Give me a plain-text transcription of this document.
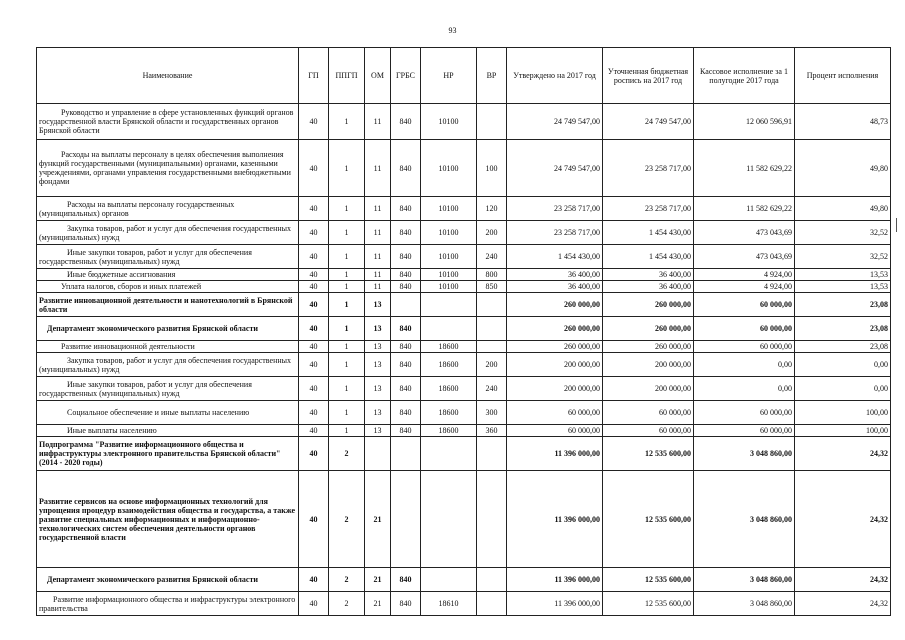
93
Наименование	ГП	ППГП	ОМ	ГРБС	НР	ВР	Утверждено на 2017 год	Уточненная бюджетная роспись на 2017 год	Кассовое исполнение за 1 полугодие 2017 года	Процент исполнения
Руководство и управление в сфере установленных функций органов государственной власти Брянской области и государственных органов Брянской области	40	1	11	840	10100		24 749 547,00	24 749 547,00	12 060 596,91	48,73
Расходы на выплаты персоналу в целях обеспечения выполнения функций государственными (муниципальными) органами, казенными учреждениями, органами управления государственными внебюджетными фондами	40	1	11	840	10100	100	24 749 547,00	23 258 717,00	11 582 629,22	49,80
Расходы на выплаты персоналу государственных (муниципальных) органов	40	1	11	840	10100	120	23 258 717,00	23 258 717,00	11 582 629,22	49,80
Закупка товаров, работ и услуг для обеспечения государственных (муниципальных) нужд	40	1	11	840	10100	200	23 258 717,00	1 454 430,00	473 043,69	32,52
Иные закупки товаров, работ и услуг для обеспечения государственных (муниципальных) нужд	40	1	11	840	10100	240	1 454 430,00	1 454 430,00	473 043,69	32,52
Иные бюджетные ассигнования	40	1	11	840	10100	800	36 400,00	36 400,00	4 924,00	13,53
Уплата налогов, сборов и иных платежей	40	1	11	840	10100	850	36 400,00	36 400,00	4 924,00	13,53
Развитие инновационной деятельности и нанотехнологий в Брянской области	40	1	13				260 000,00	260 000,00	60 000,00	23,08
Департамент экономического развития Брянской области	40	1	13	840			260 000,00	260 000,00	60 000,00	23,08
Развитие инновационной деятельности	40	1	13	840	18600		260 000,00	260 000,00	60 000,00	23,08
Закупка товаров, работ и услуг для обеспечения государственных (муниципальных) нужд	40	1	13	840	18600	200	200 000,00	200 000,00	0,00	0,00
Иные закупки товаров, работ и услуг для обеспечения государственных (муниципальных) нужд	40	1	13	840	18600	240	200 000,00	200 000,00	0,00	0,00
Социальное обеспечение и иные выплаты населению	40	1	13	840	18600	300	60 000,00	60 000,00	60 000,00	100,00
Иные выплаты населению	40	1	13	840	18600	360	60 000,00	60 000,00	60 000,00	100,00
Подпрограмма "Развитие информационного общества и инфраструктуры электронного правительства Брянской области" (2014 - 2020 годы)	40	2					11 396 000,00	12 535 600,00	3 048 860,00	24,32
Развитие сервисов на основе информационных технологий для упрощения процедур взаимодействия общества и государства, а также развитие специальных информационных и информационно-технологических систем обеспечения деятельности органов государственной власти	40	2	21				11 396 000,00	12 535 600,00	3 048 860,00	24,32
Департамент экономического развития Брянской области	40	2	21	840			11 396 000,00	12 535 600,00	3 048 860,00	24,32
Развитие информационного общества и инфраструктуры электронного правительства	40	2	21	840	18610		11 396 000,00	12 535 600,00	3 048 860,00	24,32
